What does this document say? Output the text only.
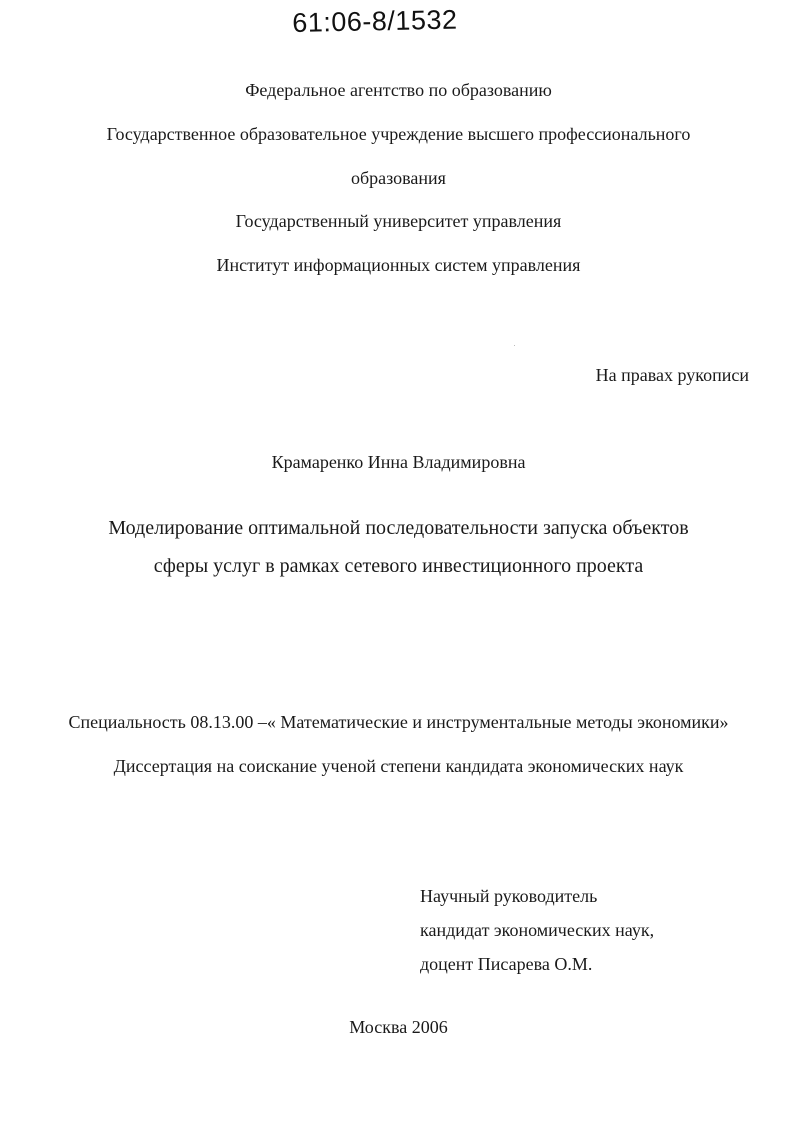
61:06-8/1532
Федеральное агентство по образованию
Государственное образовательное учреждение высшего профессионального
образования
Государственный университет управления
Институт информационных систем управления
На правах рукописи
Крамаренко Инна Владимировна
Моделирование оптимальной последовательности запуска объектов
сферы услуг в рамках сетевого инвестиционного проекта
Специальность 08.13.00 –« Математические и инструментальные методы экономики»
Диссертация на соискание ученой степени кандидата экономических наук
Научный руководитель
кандидат экономических наук,
доцент Писарева О.М.
Москва 2006
